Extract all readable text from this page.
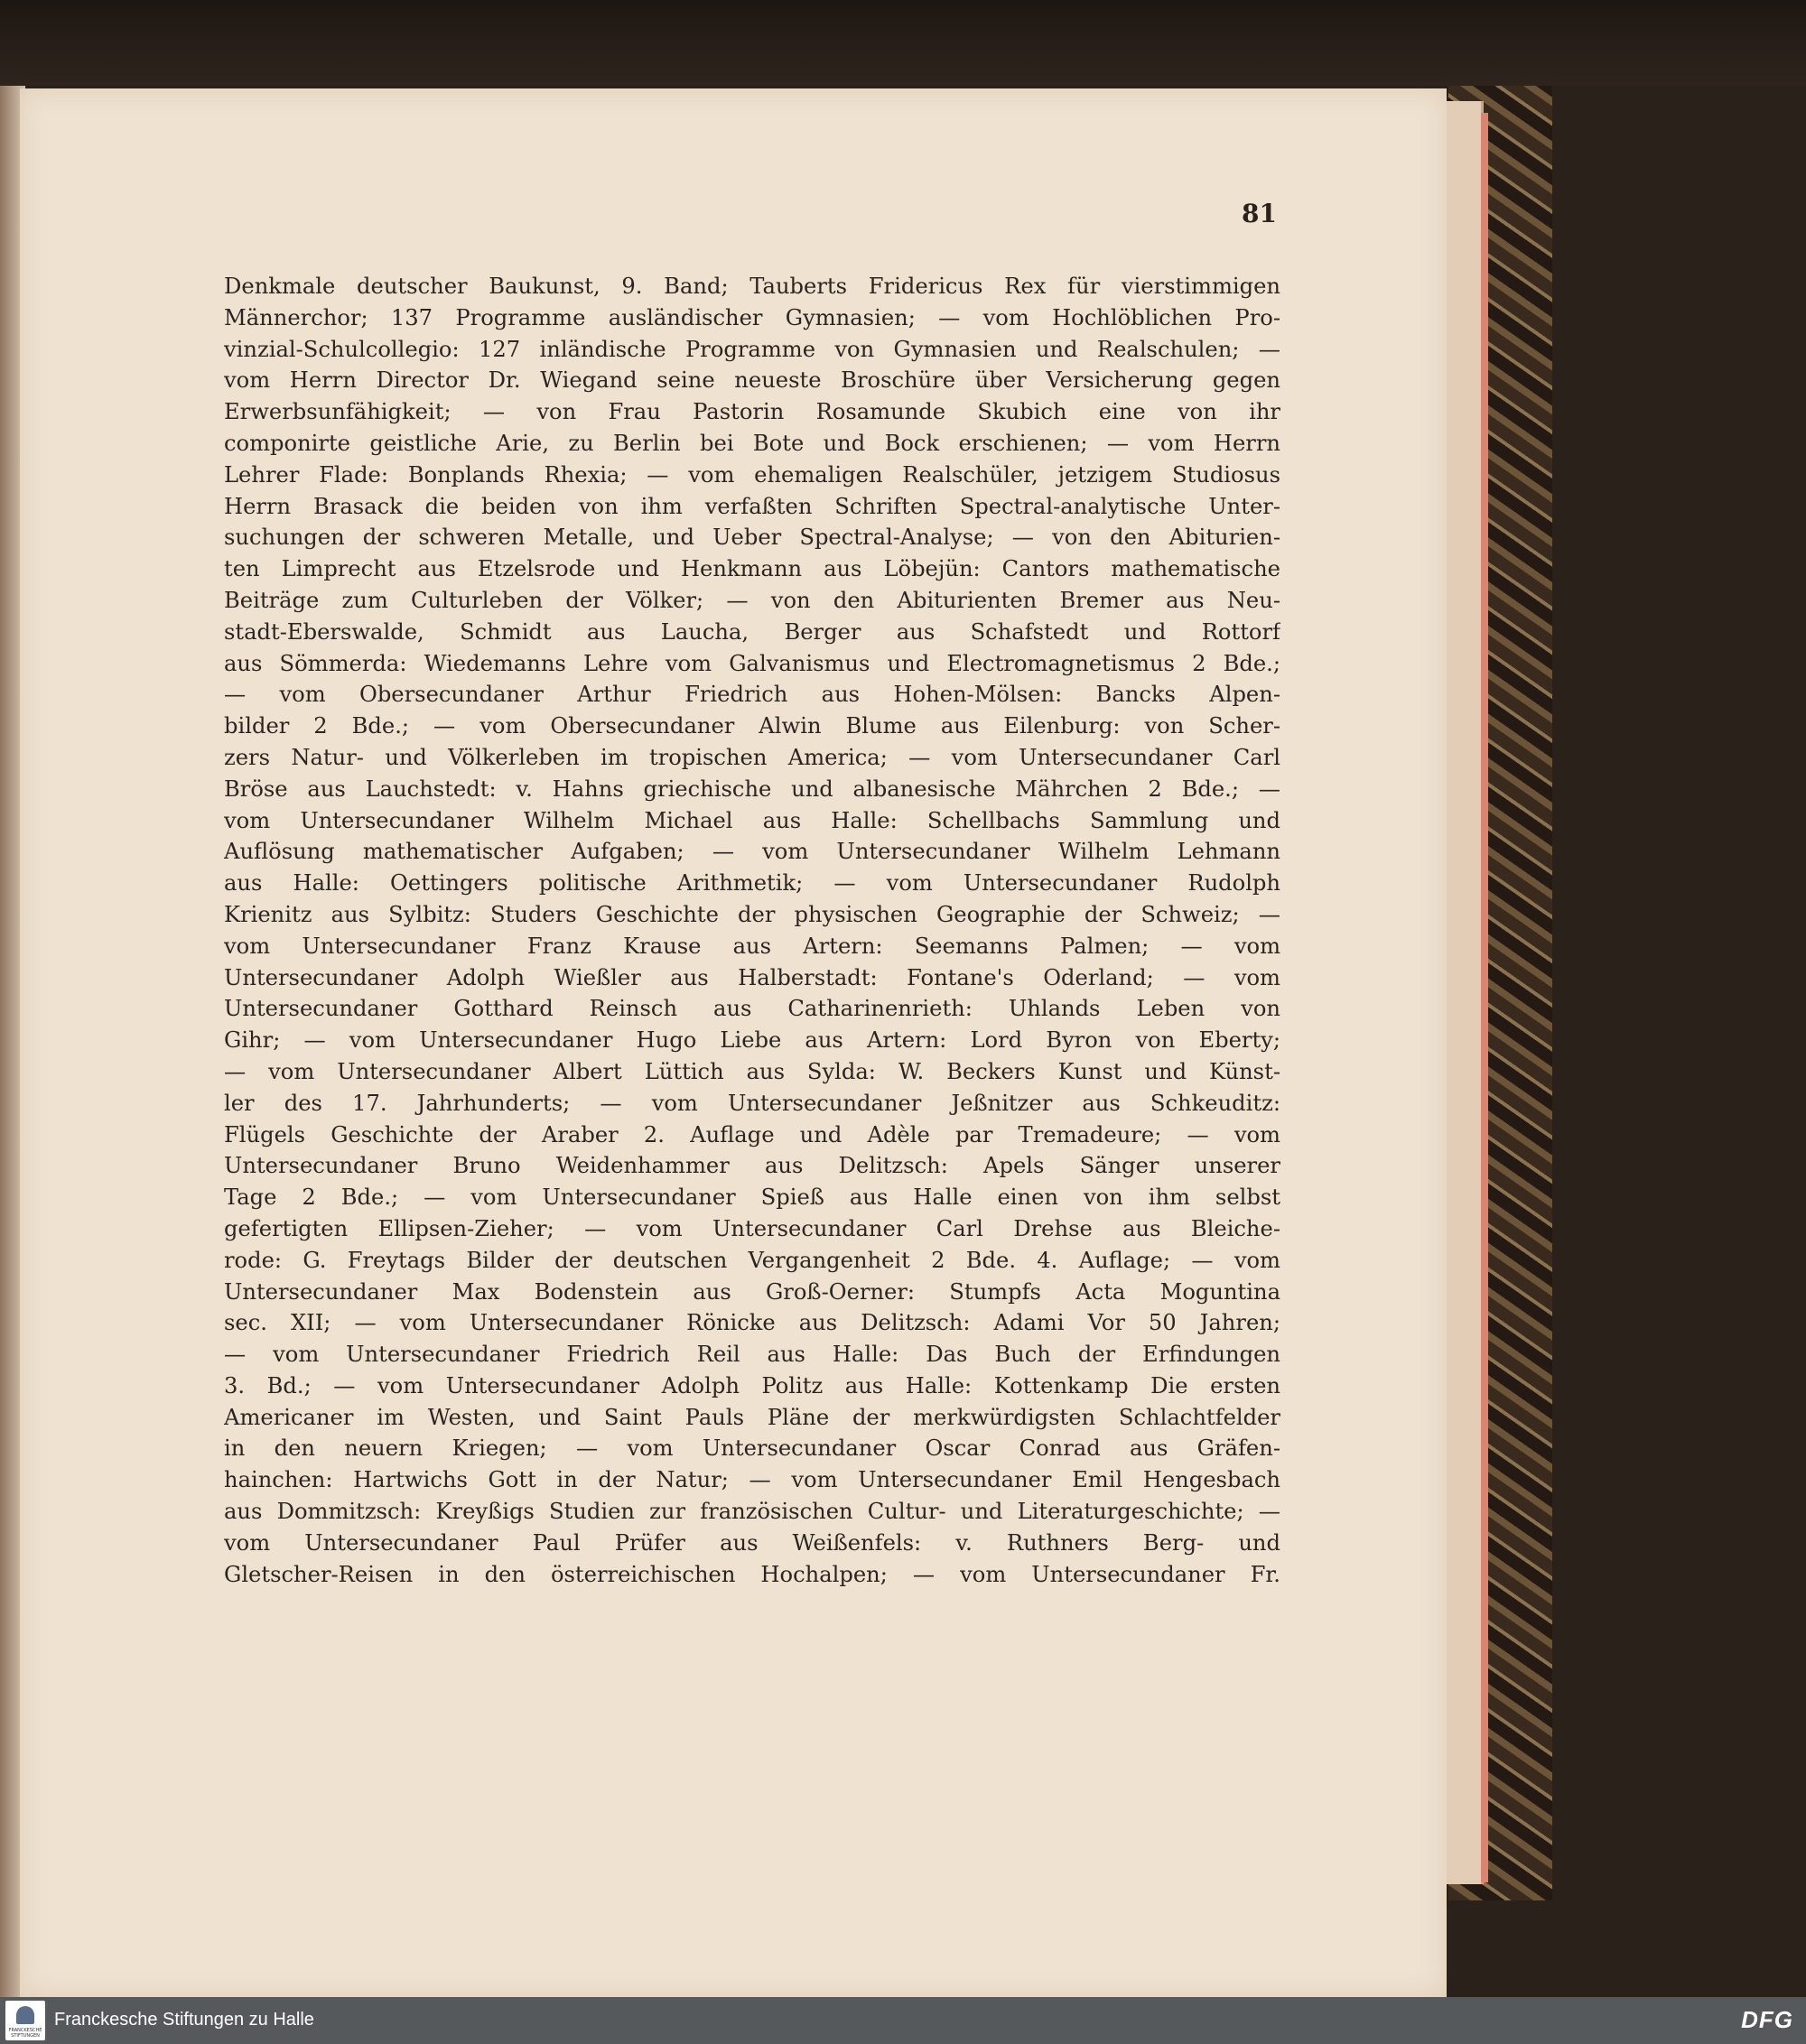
81
Denkmale deutscher Baukunst, 9. Band; Tauberts Fridericus Rex für vierstimmigen
Männerchor; 137 Programme ausländischer Gymnasien; — vom Hochlöblichen Pro-
vinzial-Schulcollegio: 127 inländische Programme von Gymnasien und Realschulen; —
vom Herrn Director Dr. Wiegand seine neueste Broschüre über Versicherung gegen
Erwerbsunfähigkeit; — von Frau Pastorin Rosamunde Skubich eine von ihr
componirte geistliche Arie, zu Berlin bei Bote und Bock erschienen; — vom Herrn
Lehrer Flade: Bonplands Rhexia; — vom ehemaligen Realschüler, jetzigem Studiosus
Herrn Brasack die beiden von ihm verfaßten Schriften Spectral-analytische Unter-
suchungen der schweren Metalle, und Ueber Spectral-Analyse; — von den Abiturien-
ten Limprecht aus Etzelsrode und Henkmann aus Löbejün: Cantors mathematische
Beiträge zum Culturleben der Völker; — von den Abiturienten Bremer aus Neu-
stadt-Eberswalde, Schmidt aus Laucha, Berger aus Schafstedt und Rottorf
aus Sömmerda: Wiedemanns Lehre vom Galvanismus und Electromagnetismus 2 Bde.;
— vom Obersecundaner Arthur Friedrich aus Hohen-Mölsen: Bancks Alpen-
bilder 2 Bde.; — vom Obersecundaner Alwin Blume aus Eilenburg: von Scher-
zers Natur- und Völkerleben im tropischen America; — vom Untersecundaner Carl
Bröse aus Lauchstedt: v. Hahns griechische und albanesische Mährchen 2 Bde.; —
vom Untersecundaner Wilhelm Michael aus Halle: Schellbachs Sammlung und
Auflösung mathematischer Aufgaben; — vom Untersecundaner Wilhelm Lehmann
aus Halle: Oettingers politische Arithmetik; — vom Untersecundaner Rudolph
Krienitz aus Sylbitz: Studers Geschichte der physischen Geographie der Schweiz; —
vom Untersecundaner Franz Krause aus Artern: Seemanns Palmen; — vom
Untersecundaner Adolph Wießler aus Halberstadt: Fontane's Oderland; — vom
Untersecundaner Gotthard Reinsch aus Catharinenrieth: Uhlands Leben von
Gihr; — vom Untersecundaner Hugo Liebe aus Artern: Lord Byron von Eberty;
— vom Untersecundaner Albert Lüttich aus Sylda: W. Beckers Kunst und Künst-
ler des 17. Jahrhunderts; — vom Untersecundaner Jeßnitzer aus Schkeuditz:
Flügels Geschichte der Araber 2. Auflage und Adèle par Tremadeure; — vom
Untersecundaner Bruno Weidenhammer aus Delitzsch: Apels Sänger unserer
Tage 2 Bde.; — vom Untersecundaner Spieß aus Halle einen von ihm selbst
gefertigten Ellipsen-Zieher; — vom Untersecundaner Carl Drehse aus Bleiche-
rode: G. Freytags Bilder der deutschen Vergangenheit 2 Bde. 4. Auflage; — vom
Untersecundaner Max Bodenstein aus Groß-Oerner: Stumpfs Acta Moguntina
sec. XII; — vom Untersecundaner Rönicke aus Delitzsch: Adami Vor 50 Jahren;
— vom Untersecundaner Friedrich Reil aus Halle: Das Buch der Erfindungen
3. Bd.; — vom Untersecundaner Adolph Politz aus Halle: Kottenkamp Die ersten
Americaner im Westen, und Saint Pauls Pläne der merkwürdigsten Schlachtfelder
in den neuern Kriegen; — vom Untersecundaner Oscar Conrad aus Gräfen-
hainchen: Hartwichs Gott in der Natur; — vom Untersecundaner Emil Hengesbach
aus Dommitzsch: Kreyßigs Studien zur französischen Cultur- und Literaturgeschichte; —
vom Untersecundaner Paul Prüfer aus Weißenfels: v. Ruthners Berg- und
Gletscher-Reisen in den österreichischen Hochalpen; — vom Untersecundaner Fr.
FRANCKESCHE STIFTUNGEN
Franckesche Stiftungen zu Halle	DFG
